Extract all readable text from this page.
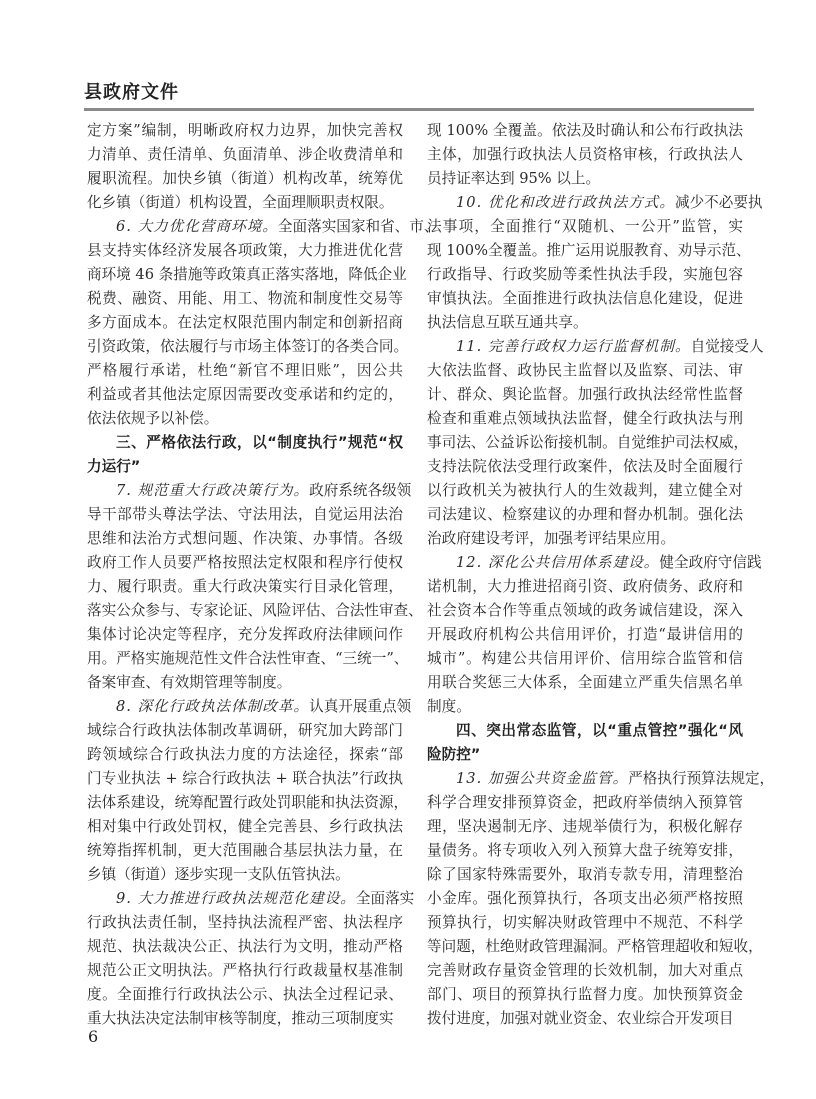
县政府文件
定方案”编制，明晰政府权力边界，加快完善权
力清单、责任清单、负面清单、涉企收费清单和
履职流程。加快乡镇（街道）机构改革，统筹优
化乡镇（街道）机构设置，全面理顺职责权限。
6. 大力优化营商环境。全面落实国家和省、市、
县支持实体经济发展各项政策，大力推进优化营
商环境 46 条措施等政策真正落实落地，降低企业
税费、融资、用能、用工、物流和制度性交易等
多方面成本。在法定权限范围内制定和创新招商
引资政策，依法履行与市场主体签订的各类合同。
严格履行承诺，杜绝“新官不理旧账”，因公共
利益或者其他法定原因需要改变承诺和约定的，
依法依规予以补偿。
三、严格依法行政，以“制度执行”规范“权
力运行”
7. 规范重大行政决策行为。政府系统各级领
导干部带头尊法学法、守法用法，自觉运用法治
思维和法治方式想问题、作决策、办事情。各级
政府工作人员要严格按照法定权限和程序行使权
力、履行职责。重大行政决策实行目录化管理，
落实公众参与、专家论证、风险评估、合法性审查、
集体讨论决定等程序，充分发挥政府法律顾问作
用。严格实施规范性文件合法性审查、“三统一”、
备案审查、有效期管理等制度。
8. 深化行政执法体制改革。认真开展重点领
域综合行政执法体制改革调研，研究加大跨部门
跨领域综合行政执法力度的方法途径，探索“部
门专业执法 + 综合行政执法 + 联合执法”行政执
法体系建设，统筹配置行政处罚职能和执法资源，
相对集中行政处罚权，健全完善县、乡行政执法
统筹指挥机制，更大范围融合基层执法力量，在
乡镇（街道）逐步实现一支队伍管执法。
9. 大力推进行政执法规范化建设。全面落实
行政执法责任制，坚持执法流程严密、执法程序
规范、执法裁决公正、执法行为文明，推动严格
规范公正文明执法。严格执行行政裁量权基准制
度。全面推行行政执法公示、执法全过程记录、
重大执法决定法制审核等制度，推动三项制度实
现 100% 全覆盖。依法及时确认和公布行政执法
主体，加强行政执法人员资格审核，行政执法人
员持证率达到 95% 以上。
10. 优化和改进行政执法方式。减少不必要执
法事项，全面推行“双随机、一公开”监管，实
现 100%全覆盖。推广运用说服教育、劝导示范、
行政指导、行政奖励等柔性执法手段，实施包容
审慎执法。全面推进行政执法信息化建设，促进
执法信息互联互通共享。
11. 完善行政权力运行监督机制。自觉接受人
大依法监督、政协民主监督以及监察、司法、审
计、群众、舆论监督。加强行政执法经常性监督
检查和重难点领域执法监督，健全行政执法与刑
事司法、公益诉讼衔接机制。自觉维护司法权威，
支持法院依法受理行政案件，依法及时全面履行
以行政机关为被执行人的生效裁判，建立健全对
司法建议、检察建议的办理和督办机制。强化法
治政府建设考评，加强考评结果应用。
12. 深化公共信用体系建设。健全政府守信践
诺机制，大力推进招商引资、政府债务、政府和
社会资本合作等重点领域的政务诚信建设，深入
开展政府机构公共信用评价，打造“最讲信用的
城市”。构建公共信用评价、信用综合监管和信
用联合奖惩三大体系，全面建立严重失信黑名单
制度。
四、突出常态监管，以“重点管控”强化“风
险防控”
13. 加强公共资金监管。严格执行预算法规定，
科学合理安排预算资金，把政府举债纳入预算管
理，坚决遏制无序、违规举债行为，积极化解存
量债务。将专项收入列入预算大盘子统筹安排，
除了国家特殊需要外，取消专款专用，清理整治
小金库。强化预算执行，各项支出必须严格按照
预算执行，切实解决财政管理中不规范、不科学
等问题，杜绝财政管理漏洞。严格管理超收和短收，
完善财政存量资金管理的长效机制，加大对重点
部门、项目的预算执行监督力度。加快预算资金
拨付进度，加强对就业资金、农业综合开发项目
6
